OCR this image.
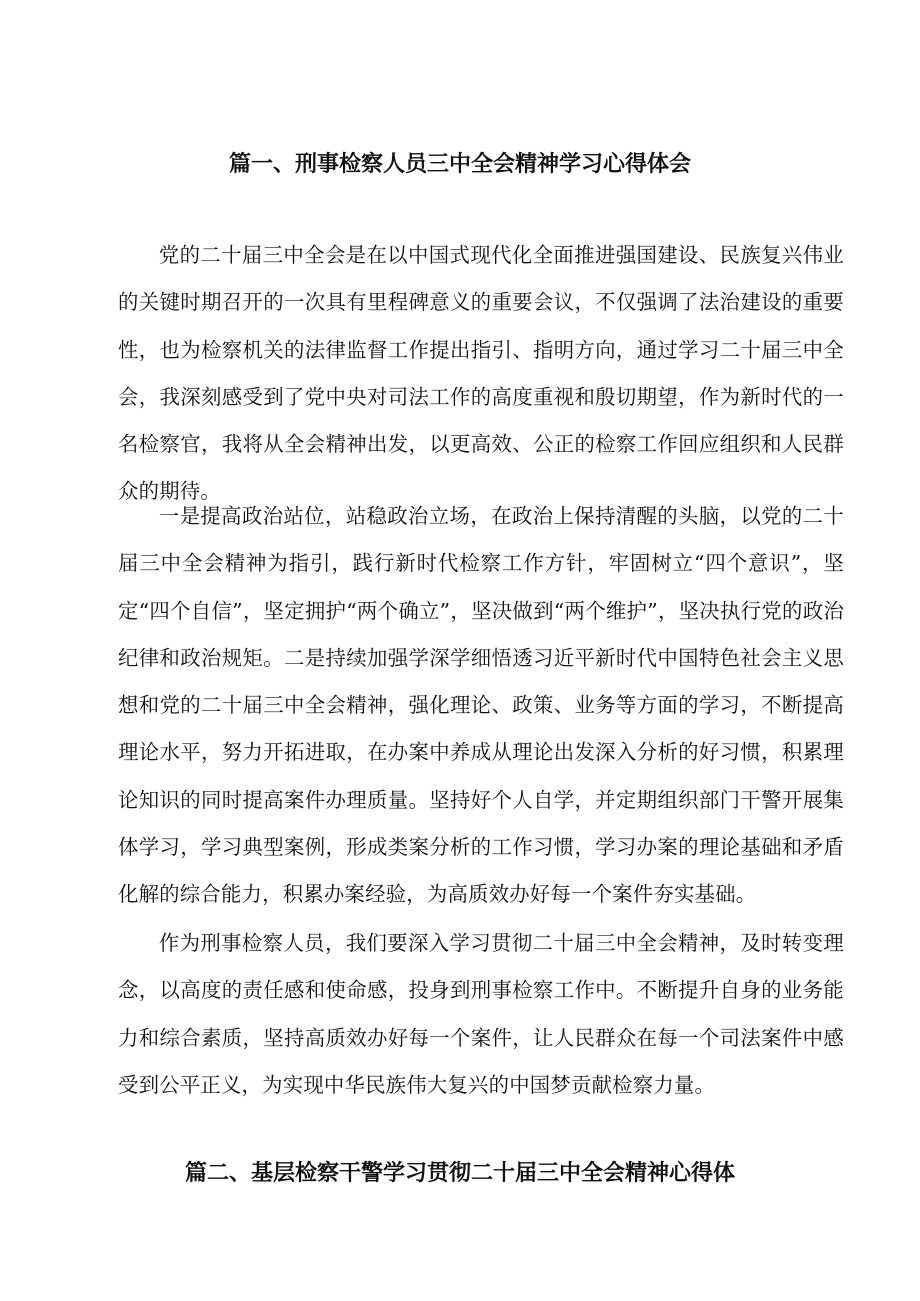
篇一、刑事检察人员三中全会精神学习心得体会

党的二十届三中全会是在以中国式现代化全面推进强国建设、民族复兴伟业的关键时期召开的一次具有里程碑意义的重要会议，不仅强调了法治建设的重要性，也为检察机关的法律监督工作提出指引、指明方向，通过学习二十届三中全会，我深刻感受到了党中央对司法工作的高度重视和殷切期望，作为新时代的一名检察官，我将从全会精神出发，以更高效、公正的检察工作回应组织和人民群众的期待。

一是提高政治站位，站稳政治立场，在政治上保持清醒的头脑，以党的二十届三中全会精神为指引，践行新时代检察工作方针，牢固树立“四个意识”，坚定“四个自信”，坚定拥护“两个确立”，坚决做到“两个维护”，坚决执行党的政治纪律和政治规矩。二是持续加强学深学细悟透习近平新时代中国特色社会主义思想和党的二十届三中全会精神，强化理论、政策、业务等方面的学习，不断提高理论水平，努力开拓进取，在办案中养成从理论出发深入分析的好习惯，积累理论知识的同时提高案件办理质量。坚持好个人自学，并定期组织部门干警开展集体学习，学习典型案例，形成类案分析的工作习惯，学习办案的理论基础和矛盾化解的综合能力，积累办案经验，为高质效办好每一个案件夯实基础。

作为刑事检察人员，我们要深入学习贯彻二十届三中全会精神，及时转变理念，以高度的责任感和使命感，投身到刑事检察工作中。不断提升自身的业务能力和综合素质，坚持高质效办好每一个案件，让人民群众在每一个司法案件中感受到公平正义，为实现中华民族伟大复兴的中国梦贡献检察力量。

篇二、基层检察干警学习贯彻二十届三中全会精神心得体
